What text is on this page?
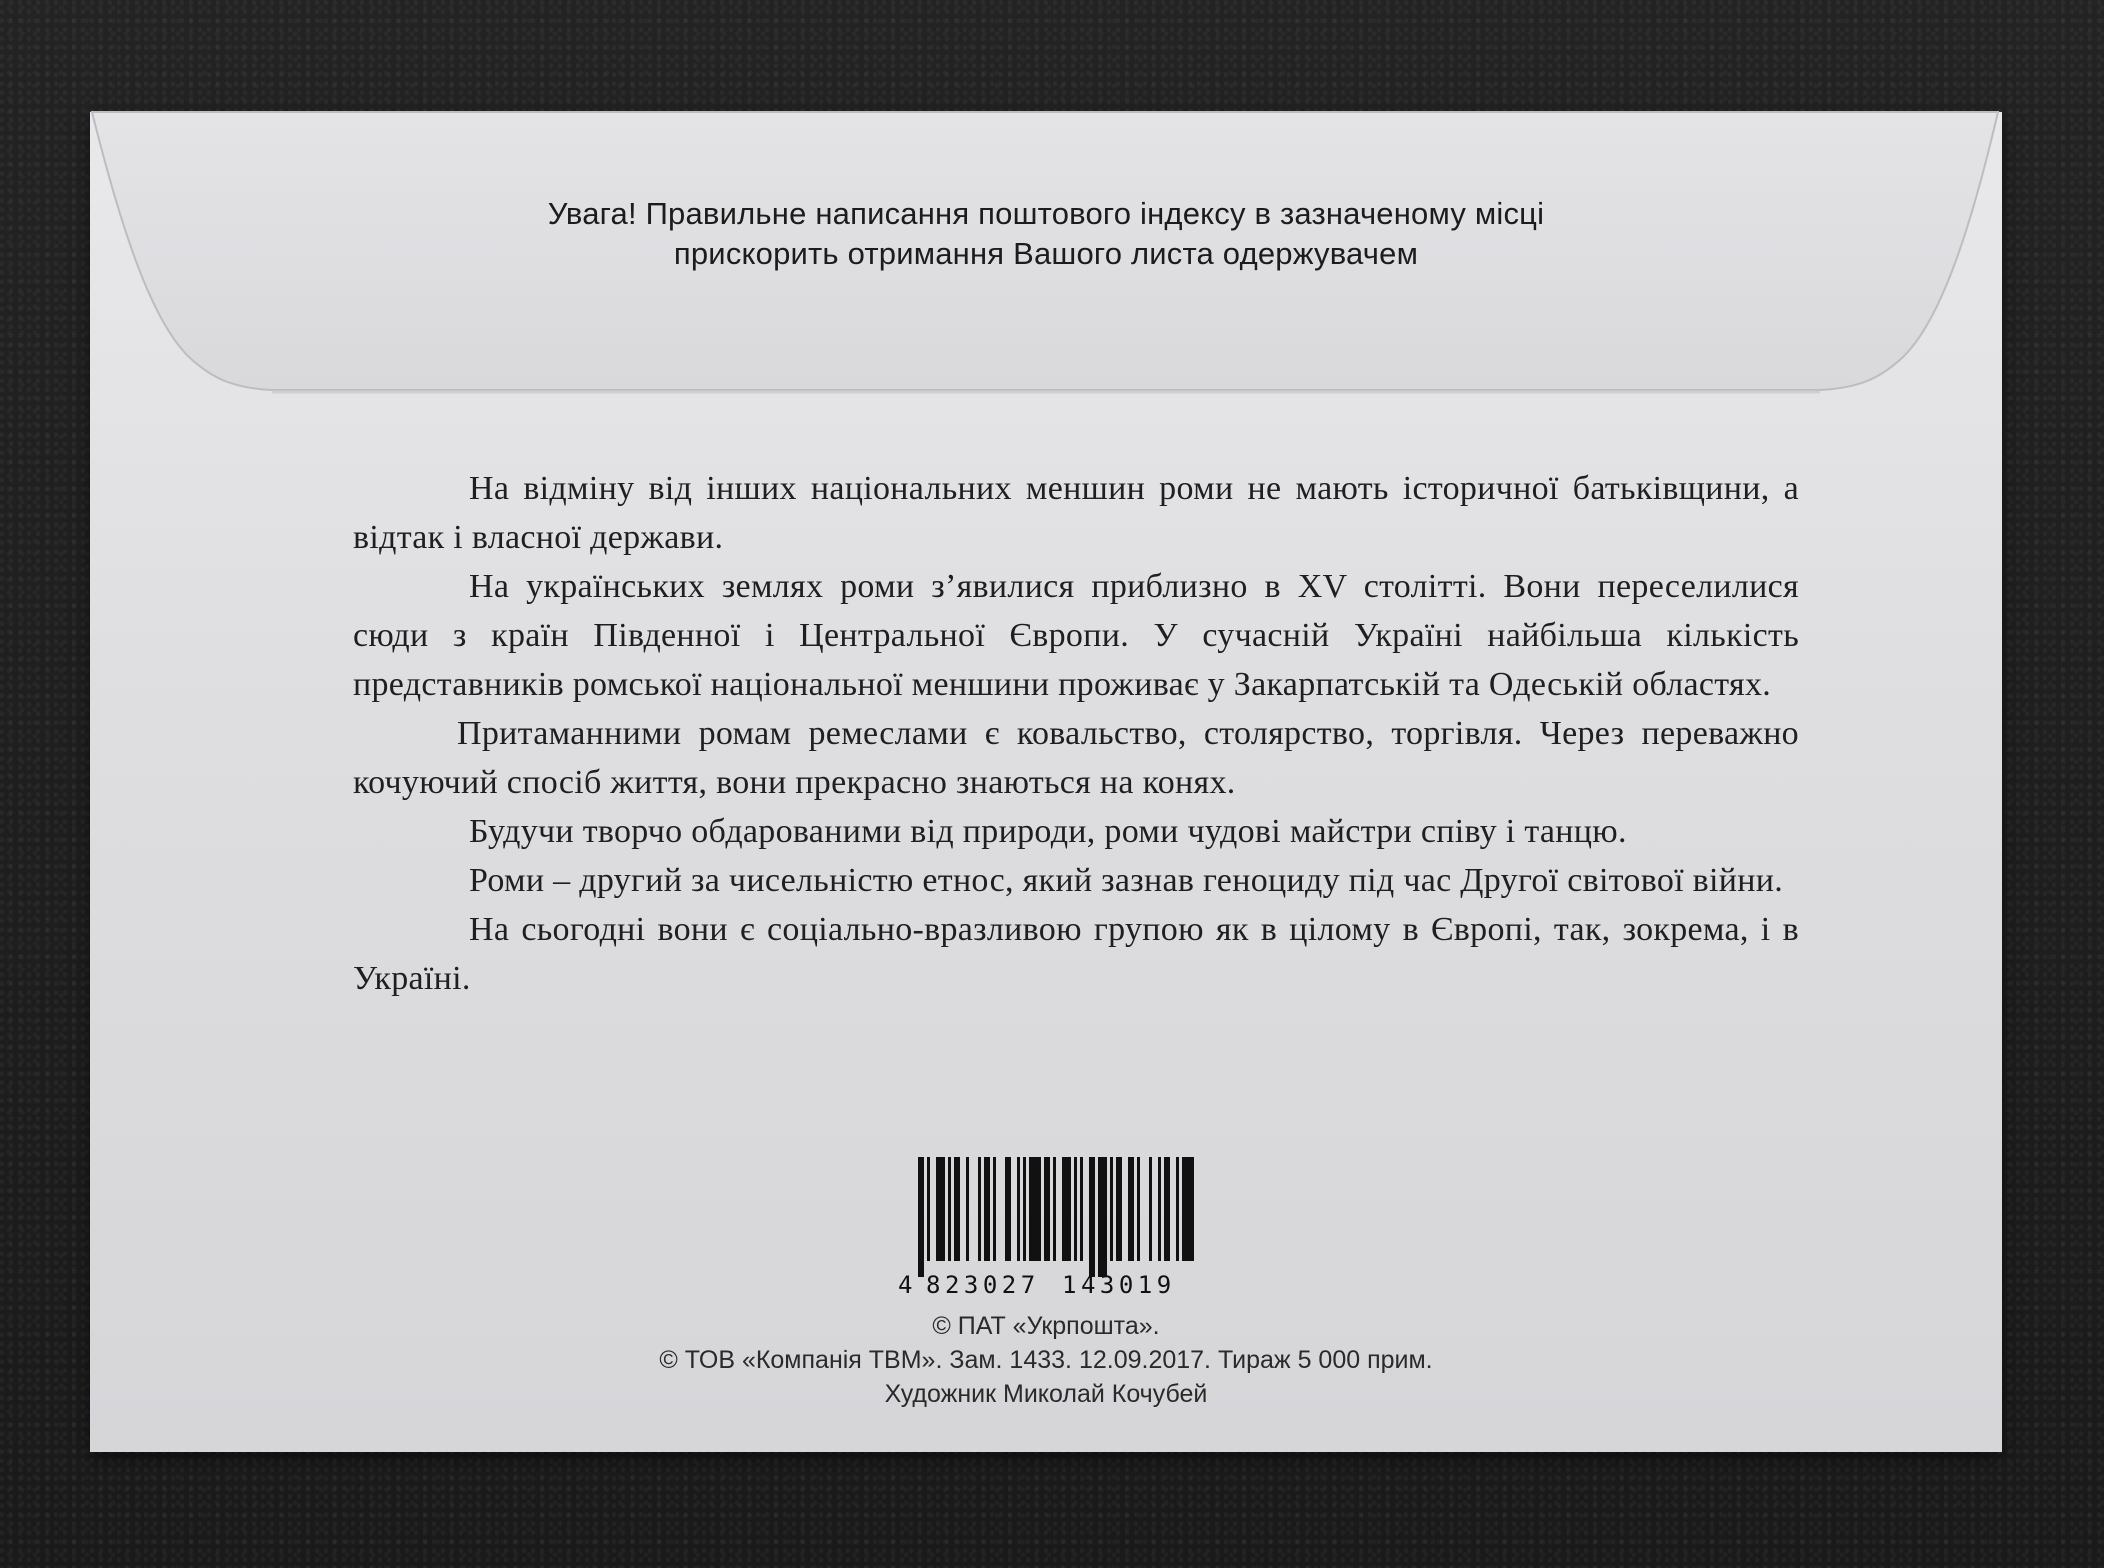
Увага! Правильне написання поштового індексу в зазначеному місці
прискорить отримання Вашого листа одержувачем

На відміну від інших національних меншин роми не мають історичної батьківщини, а відтак і власної держави.

На українських землях роми з’явилися приблизно в XV столітті. Вони переселилися сюди з країн Південної і Центральної Європи. У сучасній Україні найбільша кількість представників ромської національної меншини проживає у Закарпатській та Одеській областях.

Притаманними ромам ремеслами є ковальство, столярство, торгівля. Через переважно кочуючий спосіб життя, вони прекрасно знаються на конях.

Будучи творчо обдарованими від природи, роми чудові майстри співу і танцю.

Роми – другий за чисельністю етнос, який зазнав геноциду під час Другої світової війни.

На сьогодні вони є соціально-вразливою групою як в цілому в Європі, так, зокрема, і в Україні.

4 823027 143019
© ПАТ «Укрпошта».
© ТОВ «Компанія ТВМ». Зам. 1433. 12.09.2017. Тираж 5 000 прим.
Художник Миколай Кочубей
